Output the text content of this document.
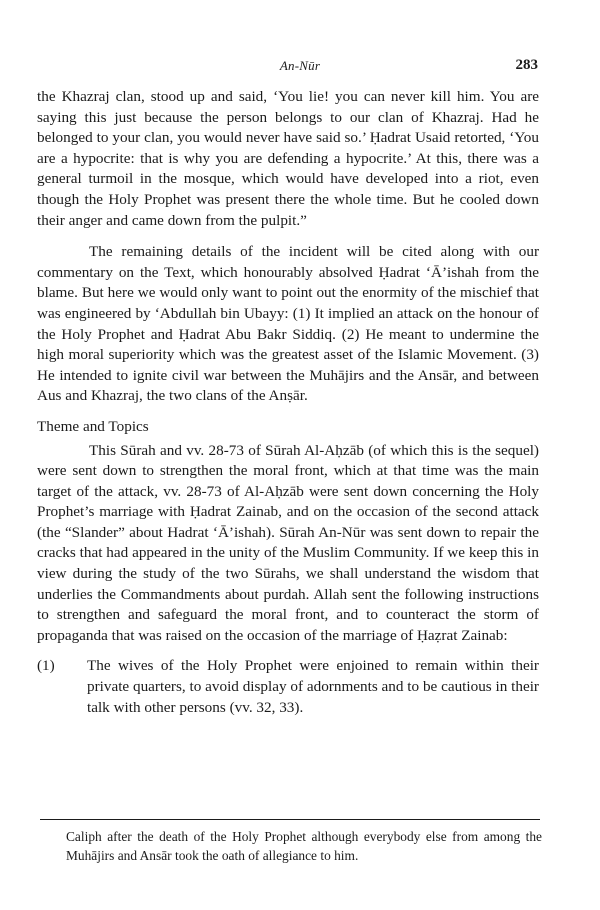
An-Nūr	283

the Khazraj clan, stood up and said, ‘You lie! you can never kill him. You are saying this just because the person belongs to our clan of Khazraj. Had he belonged to your clan, you would never have said so.’ Ḥadrat Usaid retorted, ‘You are a hypocrite: that is why you are defending a hypocrite.’ At this, there was a general turmoil in the mosque, which would have developed into a riot, even though the Holy Prophet was present there the whole time. But he cooled down their anger and came down from the pulpit.”

The remaining details of the incident will be cited along with our commentary on the Text, which honourably absolved Ḥadrat ‘Ā’ishah from the blame. But here we would only want to point out the enormity of the mischief that was engineered by ‘Abdullah bin Ubayy: (1) It implied an attack on the honour of the Holy Prophet and Ḥadrat Abu Bakr Siddiq. (2) He meant to undermine the high moral superiority which was the greatest asset of the Islamic Movement. (3) He intended to ignite civil war between the Muhājirs and the Ansār, and between Aus and Khazraj, the two clans of the Anṣār.

Theme and Topics

This Sūrah and vv. 28-73 of Sūrah Al-Aḥzāb (of which this is the sequel) were sent down to strengthen the moral front, which at that time was the main target of the attack, vv. 28-73 of Al-Aḥzāb were sent down concerning the Holy Prophet’s marriage with Ḥadrat Zainab, and on the occasion of the second attack (the “Slander” about Hadrat ‘Ā’ishah). Sūrah An-Nūr was sent down to repair the cracks that had appeared in the unity of the Muslim Community. If we keep this in view during the study of the two Sūrahs, we shall understand the wisdom that underlies the Commandments about purdah. Allah sent the following instructions to strengthen and safeguard the moral front, and to counteract the storm of propaganda that was raised on the occasion of the marriage of Ḥaẓrat Zainab:

(1)	The wives of the Holy Prophet were enjoined to remain within their private quarters, to avoid display of adornments and to be cautious in their talk with other persons (vv. 32, 33).

Caliph after the death of the Holy Prophet although everybody else from among the Muhājirs and Ansār took the oath of allegiance to him.
